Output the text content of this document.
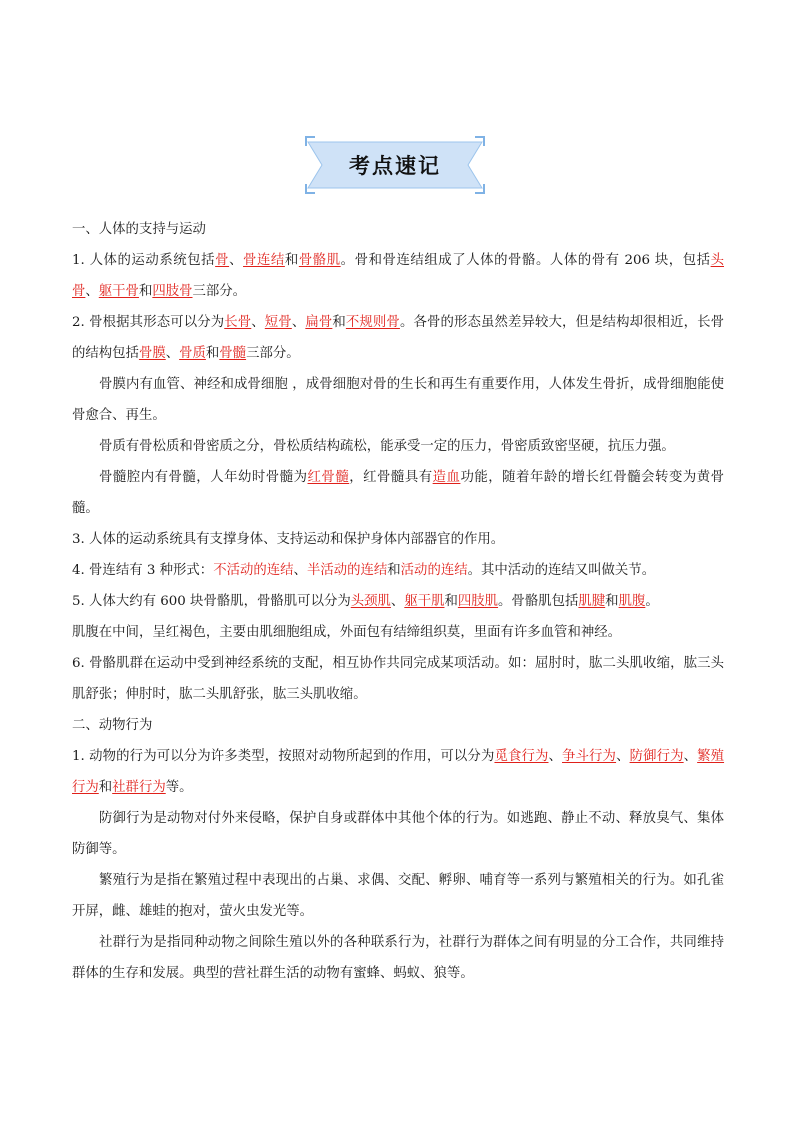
考点速记

一、人体的支持与运动

1. 人体的运动系统包括骨、骨连结和骨骼肌。骨和骨连结组成了人体的骨骼。人体的骨有 206 块，包括头骨、躯干骨和四肢骨三部分。

2. 骨根据其形态可以分为长骨、短骨、扁骨和不规则骨。各骨的形态虽然差异较大，但是结构却很相近，长骨的结构包括骨膜、骨质和骨髓三部分。

骨膜内有血管、神经和成骨细胞 ，成骨细胞对骨的生长和再生有重要作用，人体发生骨折，成骨细胞能使骨愈合、再生。

骨质有骨松质和骨密质之分，骨松质结构疏松，能承受一定的压力，骨密质致密坚硬，抗压力强。

骨髓腔内有骨髓，人年幼时骨髓为红骨髓，红骨髓具有造血功能，随着年龄的增长红骨髓会转变为黄骨髓。

3. 人体的运动系统具有支撑身体、支持运动和保护身体内部器官的作用。

4. 骨连结有 3 种形式：不活动的连结、半活动的连结和活动的连结。其中活动的连结又叫做关节。

5. 人体大约有 600 块骨骼肌，骨骼肌可以分为头颈肌、躯干肌和四肢肌。骨骼肌包括肌腱和肌腹。

肌腹在中间，呈红褐色，主要由肌细胞组成，外面包有结缔组织莫，里面有许多血管和神经。

6. 骨骼肌群在运动中受到神经系统的支配，相互协作共同完成某项活动。如：屈肘时，肱二头肌收缩，肱三头肌舒张；伸肘时，肱二头肌舒张，肱三头肌收缩。

二、动物行为

1. 动物的行为可以分为许多类型，按照对动物所起到的作用，可以分为觅食行为、争斗行为、防御行为、繁殖行为和社群行为等。

防御行为是动物对付外来侵略，保护自身或群体中其他个体的行为。如逃跑、静止不动、释放臭气、集体防御等。

繁殖行为是指在繁殖过程中表现出的占巢、求偶、交配、孵卵、哺育等一系列与繁殖相关的行为。如孔雀开屏，雌、雄蛙的抱对，萤火虫发光等。

社群行为是指同种动物之间除生殖以外的各种联系行为，社群行为群体之间有明显的分工合作，共同维持群体的生存和发展。典型的营社群生活的动物有蜜蜂、蚂蚁、狼等。
